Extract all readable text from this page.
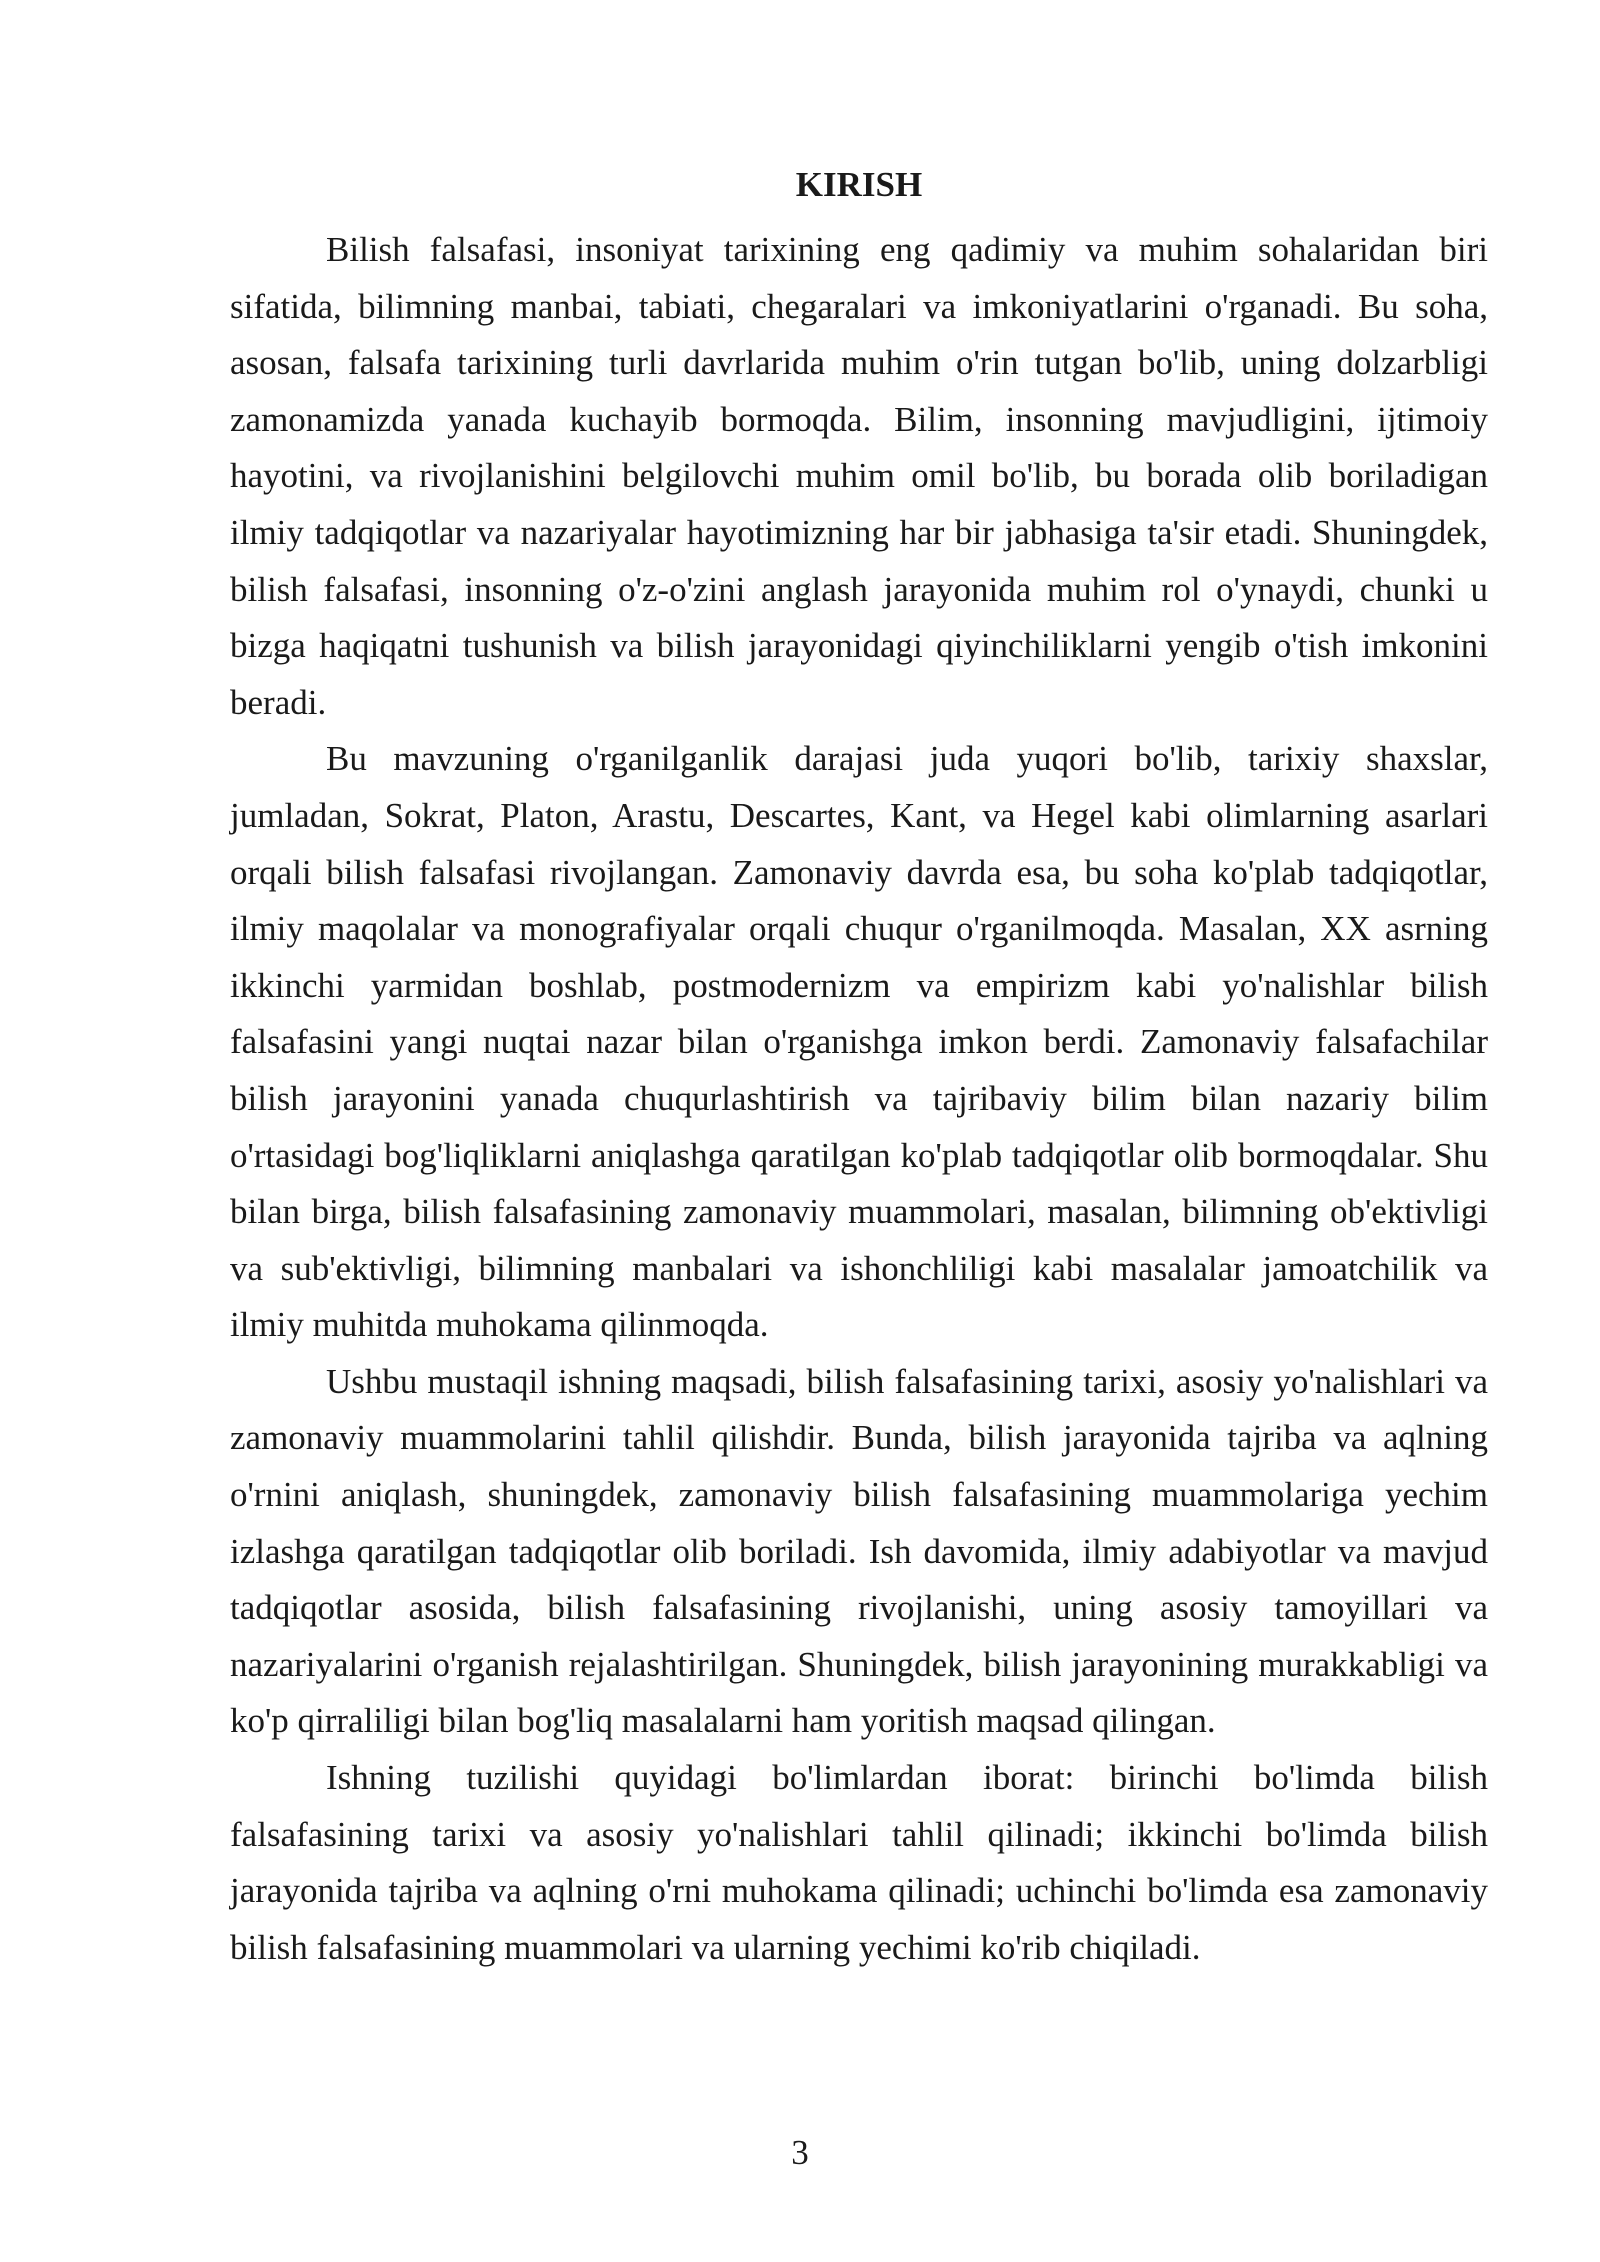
KIRISH

Bilish falsafasi, insoniyat tarixining eng qadimiy va muhim sohalaridan biri sifatida, bilimning manbai, tabiati, chegaralari va imkoniyatlarini o'rganadi. Bu soha, asosan, falsafa tarixining turli davrlarida muhim o'rin tutgan bo'lib, uning dolzarbligi zamonamizda yanada kuchayib bormoqda. Bilim, insonning mavjudligini, ijtimoiy hayotini, va rivojlanishini belgilovchi muhim omil bo'lib, bu borada olib boriladigan ilmiy tadqiqotlar va nazariyalar hayotimizning har bir jabhasiga ta'sir etadi. Shuningdek, bilish falsafasi, insonning o'z-o'zini anglash jarayonida muhim rol o'ynaydi, chunki u bizga haqiqatni tushunish va bilish jarayonidagi qiyinchiliklarni yengib o'tish imkonini beradi.

Bu mavzuning o'rganilganlik darajasi juda yuqori bo'lib, tarixiy shaxslar, jumladan, Sokrat, Platon, Arastu, Descartes, Kant, va Hegel kabi olimlarning asarlari orqali bilish falsafasi rivojlangan. Zamonaviy davrda esa, bu soha ko'plab tadqiqotlar, ilmiy maqolalar va monografiyalar orqali chuqur o'rganilmoqda. Masalan, XX asrning ikkinchi yarmidan boshlab, postmodernizm va empirizm kabi yo'nalishlar bilish falsafasini yangi nuqtai nazar bilan o'rganishga imkon berdi. Zamonaviy falsafachilar bilish jarayonini yanada chuqurlashtirish va tajribaviy bilim bilan nazariy bilim o'rtasidagi bog'liqliklarni aniqlashga qaratilgan ko'plab tadqiqotlar olib bormoqdalar. Shu bilan birga, bilish falsafasining zamonaviy muammolari, masalan, bilimning ob'ektivligi va sub'ektivligi, bilimning manbalari va ishonchliligi kabi masalalar jamoatchilik va ilmiy muhitda muhokama qilinmoqda.

Ushbu mustaqil ishning maqsadi, bilish falsafasining tarixi, asosiy yo'nalishlari va zamonaviy muammolarini tahlil qilishdir. Bunda, bilish jarayonida tajriba va aqlning o'rnini aniqlash, shuningdek, zamonaviy bilish falsafasining muammolariga yechim izlashga qaratilgan tadqiqotlar olib boriladi. Ish davomida, ilmiy adabiyotlar va mavjud tadqiqotlar asosida, bilish falsafasining rivojlanishi, uning asosiy tamoyillari va nazariyalarini o'rganish rejalashtirilgan. Shuningdek, bilish jarayonining murakkabligi va ko'p qirraliligi bilan bog'liq masalalarni ham yoritish maqsad qilingan.

Ishning tuzilishi quyidagi bo'limlardan iborat: birinchi bo'limda bilish falsafasining tarixi va asosiy yo'nalishlari tahlil qilinadi; ikkinchi bo'limda bilish jarayonida tajriba va aqlning o'rni muhokama qilinadi; uchinchi bo'limda esa zamonaviy bilish falsafasining muammolari va ularning yechimi ko'rib chiqiladi.

3
